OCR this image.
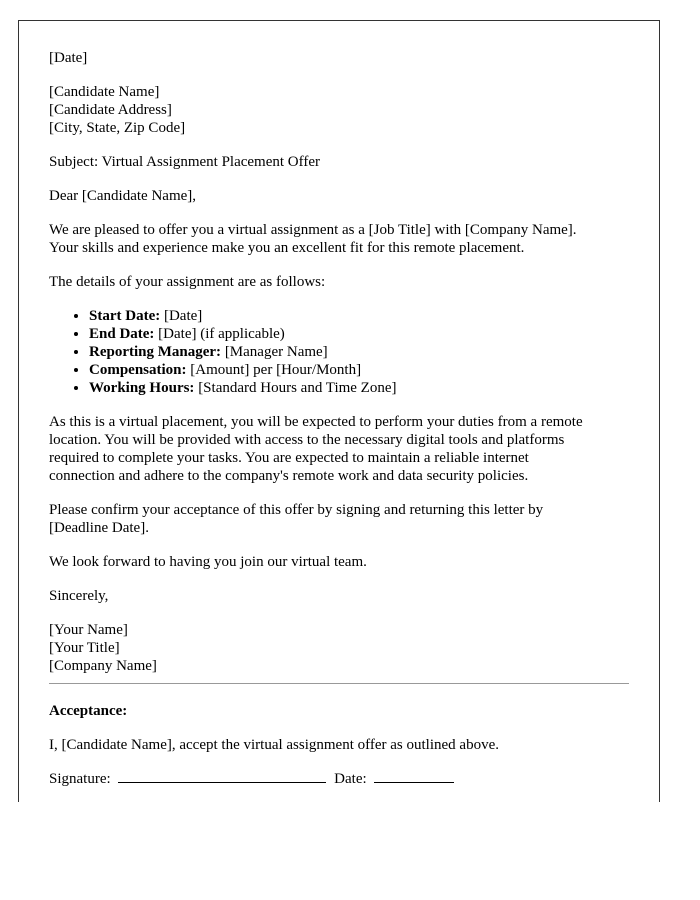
[Date]
[Candidate Name]
[Candidate Address]
[City, State, Zip Code]
Subject: Virtual Assignment Placement Offer
Dear [Candidate Name],
We are pleased to offer you a virtual assignment as a [Job Title] with [Company Name].
Your skills and experience make you an excellent fit for this remote placement.
The details of your assignment are as follows:
• Start Date: [Date]
• End Date: [Date] (if applicable)
• Reporting Manager: [Manager Name]
• Compensation: [Amount] per [Hour/Month]
• Working Hours: [Standard Hours and Time Zone]
As this is a virtual placement, you will be expected to perform your duties from a remote
location. You will be provided with access to the necessary digital tools and platforms
required to complete your tasks. You are expected to maintain a reliable internet
connection and adhere to the company's remote work and data security policies.
Please confirm your acceptance of this offer by signing and returning this letter by
[Deadline Date].
We look forward to having you join our virtual team.
Sincerely,
[Your Name]
[Your Title]
[Company Name]
Acceptance:
I, [Candidate Name], accept the virtual assignment offer as outlined above.
Signature:	Date:
